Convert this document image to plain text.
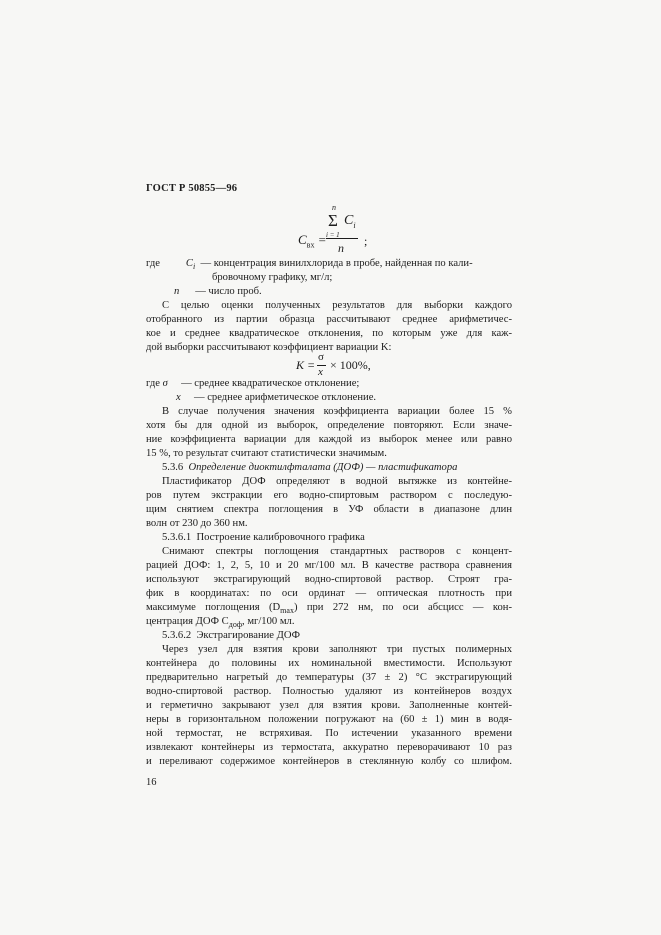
ГОСТ Р 50855—96
n
Σ $C_i$
i = 1
$C_{вх}$ =
n ;
где $C_i$ — концентрация винилхлорида в пробе, найденная по кали-
бровочному графику, мг/л;
n — число проб.
С целью оценки полученных результатов для выборки каждого
отобранного из партии образца рассчитывают среднее арифметичес-
кое и среднее квадратическое отклонения, по которым уже для каж-
дой выборки рассчитывают коэффициент вариации K:
K =
σ
x × 100%,
где σ — среднее квадратическое отклонение;
x — среднее арифметическое отклонение.
В случае получения значения коэффициента вариации более 15 %
хотя бы для одной из выборок, определение повторяют. Если значе-
ние коэффициента вариации для каждой из выборок менее или равно
15 %, то результат считают статистически значимым.
5.3.6 Определение диоктилфталата (ДОФ) — пластификатора
Пластификатор ДОФ определяют в водной вытяжке из контейне-
ров путем экстракции его водно-спиртовым раствором с последую-
щим снятием спектра поглощения в УФ области в диапазоне длин
волн от 230 до 360 нм.
5.3.6.1 Построение калибровочного графика
Снимают спектры поглощения стандартных растворов с концент-
рацией ДОФ: 1, 2, 5, 10 и 20 мг/100 мл. В качестве раствора сравнения
используют экстрагирующий водно-спиртовой раствор. Строят гра-
фик в координатах: по оси ординат — оптическая плотность при
максимуме поглощения $(D_{max})$ при 272 нм, по оси абсцисс — кон-
центрация ДОФ $C_{доф}$, мг/100 мл.
5.3.6.2 Экстрагирование ДОФ
Через узел для взятия крови заполняют три пустых полимерных
контейнера до половины их номинальной вместимости. Используют
предварительно нагретый до температуры (37 ± 2) °С экстрагирующий
водно-спиртовой раствор. Полностью удаляют из контейнеров воздух
и герметично закрывают узел для взятия крови. Заполненные контей-
неры в горизонтальном положении погружают на (60 ± 1) мин в водя-
ной термостат, не встряхивая. По истечении указанного времени
извлекают контейнеры из термостата, аккуратно переворачивают 10 раз
и переливают содержимое контейнеров в стеклянную колбу со шлифом.
16
